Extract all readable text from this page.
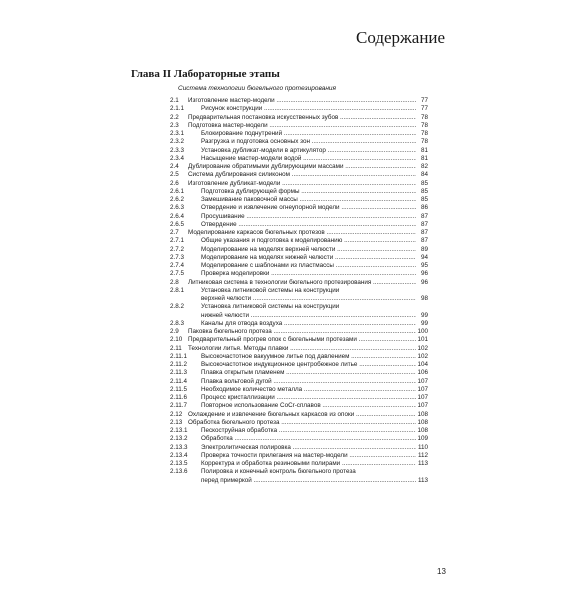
Содержание
Глава II Лабораторные этапы
Система технологии бюгельного протезирования
2.1 Изготовление мастер-модели .....	77
2.1.1	Рисунок конструкции .....	77
2.2 Предварительная постановка искусственных зубов .....	78
2.3 Подготовка мастер-модели .....	78
2.3.1	Блокирование поднутрений .....	78
2.3.2	Разгрузка и подготовка основных зон .....	78
2.3.3	Установка дубликат-модели в артикулятор .....	81
2.3.4	Насыщение мастер-модели водой .....	81
2.4 Дублирование обратимыми дублирующими массами .....	82
2.5 Система дублирования силиконом .....	84
2.6 Изготовление дубликат-модели .....	85
2.6.1	Подготовка дублирующей формы .....	85
2.6.2	Замешивание паковочной массы .....	85
2.6.3	Отвердение и извлечение огнеупорной модели .....	86
2.6.4	Просушивание .....	87
2.6.5	Отвердение .....	87
2.7 Моделирование каркасов бюгельных протезов .....	87
2.7.1	Общие указания и подготовка к моделированию .....	87
2.7.2	Моделирование на моделях верхней челюсти .....	89
2.7.3	Моделирование на моделях нижней челюсти .....	94
2.7.4	Моделирование с шаблонами из пластмассы .....	95
2.7.5	Проверка моделировки .....	96
2.8 Литниковая система в технологии бюгельного протезирования .....	96
2.8.1	Установка литниковой системы на конструкции
верхней челюсти .....	98
2.8.2	Установка литниковой системы на конструкции
нижней челюсти .....	99
2.8.3	Каналы для отвода воздуха .....	99
2.9 Паковка бюгельного протеза .....	100
2.10 Предварительный прогрев опок с бюгельными протезами .....	101
2.11 Технологии литья. Методы плавки .....	102
2.11.1 Высокочастотное вакуумное литье под давлением .....	102
2.11.2 Высокочастотное индукционное центробежное литье .....	104
2.11.3 Плавка открытым пламенем .....	106
2.11.4 Плавка вольтовой дугой .....	107
2.11.5 Необходимое количество металла .....	107
2.11.6 Процесс кристаллизации .....	107
2.11.7 Повторное использование CoCr-сплавов .....	107
2.12 Охлаждение и извлечение бюгельных каркасов из опоки .....	108
2.13 Обработка бюгельного протеза .....	108
2.13.1 Пескоструйная обработка .....	108
2.13.2 Обработка .....	109
2.13.3 Электролитическая полировка .....	110
2.13.4 Проверка точности прилегания на мастер-модели .....	112
2.13.5 Корректура и обработка резиновыми полирами .....	113
2.13.6 Полировка и конечный контроль бюгельного протеза
перед примеркой .....	113
13
